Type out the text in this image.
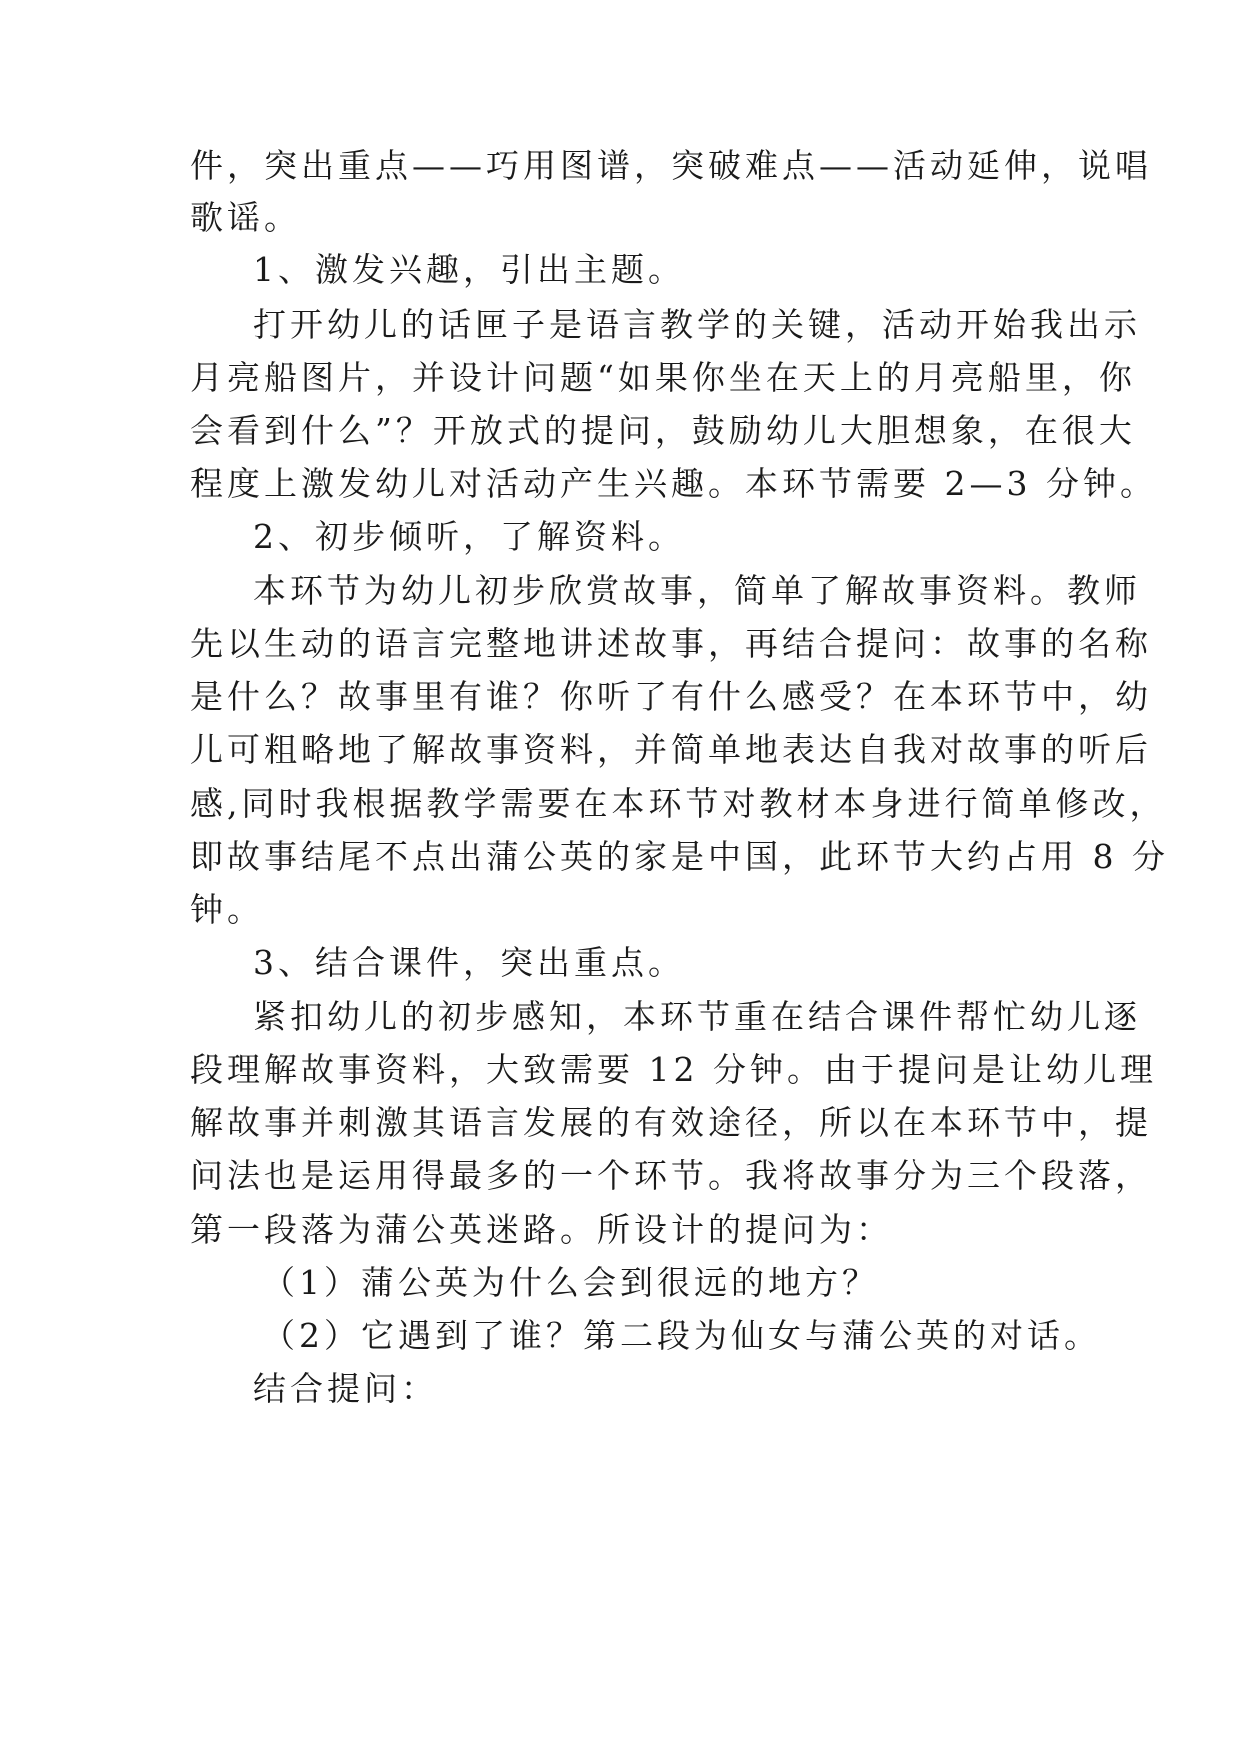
件，突出重点——巧用图谱，突破难点——活动延伸，说唱

歌谣。

1、激发兴趣，引出主题。

打开幼儿的话匣子是语言教学的关键，活动开始我出示

月亮船图片，并设计问题“如果你坐在天上的月亮船里，你

会看到什么”？开放式的提问，鼓励幼儿大胆想象，在很大

程度上激发幼儿对活动产生兴趣。本环节需要 2—3 分钟。

2、初步倾听，了解资料。

本环节为幼儿初步欣赏故事，简单了解故事资料。教师

先以生动的语言完整地讲述故事，再结合提问：故事的名称

是什么？故事里有谁？你听了有什么感受？在本环节中，幼

儿可粗略地了解故事资料，并简单地表达自我对故事的听后

感,同时我根据教学需要在本环节对教材本身进行简单修改，

即故事结尾不点出蒲公英的家是中国，此环节大约占用 8 分

钟。

3、结合课件，突出重点。

紧扣幼儿的初步感知，本环节重在结合课件帮忙幼儿逐

段理解故事资料，大致需要 12 分钟。由于提问是让幼儿理

解故事并刺激其语言发展的有效途径，所以在本环节中，提

问法也是运用得最多的一个环节。我将故事分为三个段落，

第一段落为蒲公英迷路。所设计的提问为：

（1）蒲公英为什么会到很远的地方？

（2）它遇到了谁？第二段为仙女与蒲公英的对话。

结合提问：
